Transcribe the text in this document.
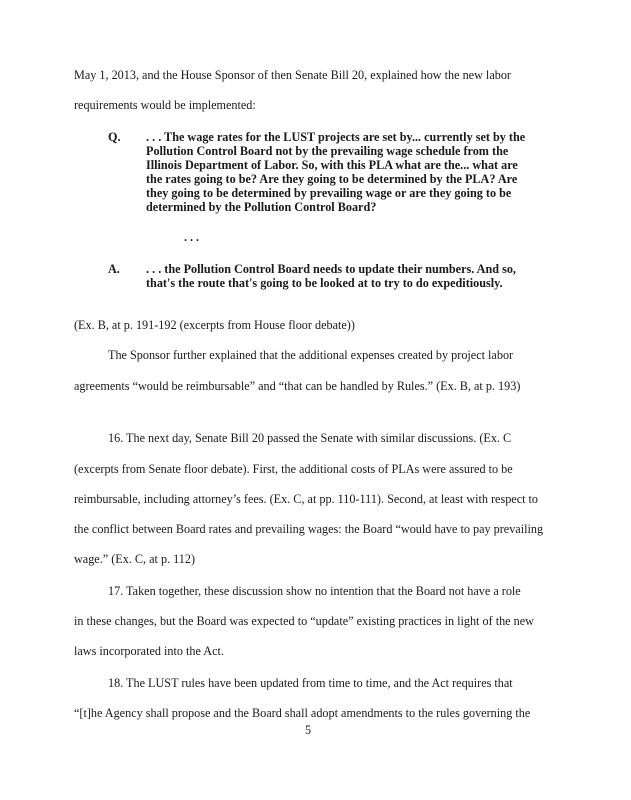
May 1, 2013, and the House Sponsor of then Senate Bill 20, explained how the new labor
requirements would be implemented:
Q. . . . The wage rates for the LUST projects are set by... currently set by the Pollution Control Board not by the prevailing wage schedule from the Illinois Department of Labor. So, with this PLA what are the... what are the rates going to be? Are they going to be determined by the PLA? Are they going to be determined by prevailing wage or are they going to be determined by the Pollution Control Board?
. . .
A. . . . the Pollution Control Board needs to update their numbers. And so, that's the route that's going to be looked at to try to do expeditiously.
(Ex. B, at p. 191-192 (excerpts from House floor debate))
The Sponsor further explained that the additional expenses created by project labor
agreements “would be reimbursable” and “that can be handled by Rules.” (Ex. B, at p. 193)
16. The next day, Senate Bill 20 passed the Senate with similar discussions. (Ex. C
(excerpts from Senate floor debate). First, the additional costs of PLAs were assured to be
reimbursable, including attorney’s fees. (Ex. C, at pp. 110-111). Second, at least with respect to
the conflict between Board rates and prevailing wages: the Board “would have to pay prevailing
wage.” (Ex. C, at p. 112)
17. Taken together, these discussion show no intention that the Board not have a role
in these changes, but the Board was expected to “update” existing practices in light of the new
laws incorporated into the Act.
18. The LUST rules have been updated from time to time, and the Act requires that
“[t]he Agency shall propose and the Board shall adopt amendments to the rules governing the
5
